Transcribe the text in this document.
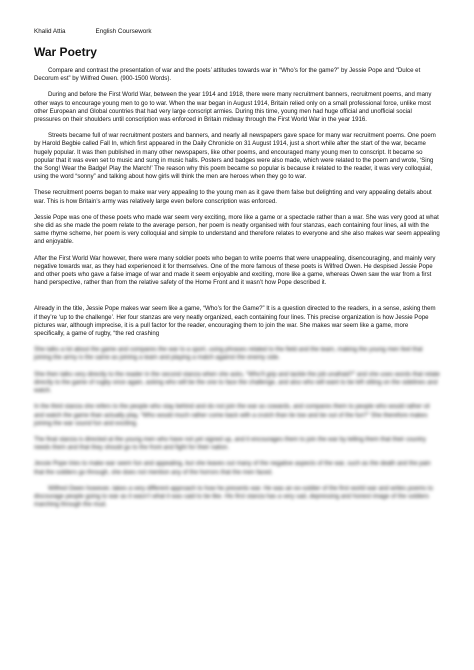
Khalid Attia	English Coursework
War Poetry

Compare and contrast the presentation of war and the poets’ attitudes towards war in “Who’s for the game?” by Jessie Pope and “Dulce et Decorum est” by Wilfred Owen. (900-1500 Words).

During and before the First World War, between the year 1914 and 1918, there were many recruitment banners, recruitment poems, and many other ways to encourage young men to go to war. When the war began in August 1914, Britain relied only on a small professional force, unlike most other European and Global countries that had very large conscript armies. During this time, young men had huge official and unofficial social pressures on their shoulders until conscription was enforced in Britain midway through the First World War in the year 1916.

Streets became full of war recruitment posters and banners, and nearly all newspapers gave space for many war recruitment poems. One poem by Harold Begbie called Fall In, which first appeared in the Daily Chronicle on 31 August 1914, just a short while after the start of the war, became hugely popular. It was then published in many other newspapers, like other poems, and encouraged many young men to conscript. It became so popular that it was even set to music and sung in music halls. Posters and badges were also made, which were related to the poem and wrote, ‘Sing the Song! Wear the Badge! Play the March!’ The reason why this poem became so popular is because it related to the reader, it was very colloquial, using the word “sonny” and talking about how girls will think the men are heroes when they go to war.

These recruitment poems began to make war very appealing to the young men as it gave them false but delighting and very appealing details about war. This is how Britain’s army was relatively large even before conscription was enforced.

Jessie Pope was one of these poets who made war seem very exciting, more like a game or a spectacle rather than a war. She was very good at what she did as she made the poem relate to the average person, her poem is neatly organised with four stanzas, each containing four lines, all with the same rhyme scheme, her poem is very colloquial and simple to understand and therefore relates to everyone and she also makes war seem appealing and enjoyable.

After the First World War however, there were many soldier poets who began to write poems that were unappealing, disencouraging, and mainly very negative towards war, as they had experienced it for themselves. One of the more famous of these poets is Wilfred Owen. He despised Jessie Pope and other poets who gave a false image of war and made it seem enjoyable and exciting, more like a game, whereas Owen saw the war from a first hand perspective, rather than from the relative safety of the Home Front and it wasn’t how Pope described it.

Already in the title, Jessie Pope makes war seem like a game, “Who’s for the Game?” It is a question directed to the readers, in a sense, asking them if they’re ‘up to the challenge’. Her four stanzas are very neatly organized, each containing four lines. This precise organization is how Jessie Pope pictures war, although imprecise, it is a pull factor for the reader, encouraging them to join the war. She makes war seem like a game, more specifically, a game of rugby, “the red crashing

She talks a lot about the game and compares the war to a sport, using phrases related to the field and the team, making the young men feel that joining the army is the same as joining a team and playing a match against the enemy side.

She then talks very directly to the reader in the second stanza when she asks, “Who’ll grip and tackle the job unafraid?” and she uses words that relate directly to the game of rugby once again, asking who will be the one to face the challenge, and also who will want to be left sitting on the sidelines and watch.

In the third stanza she refers to the people who stay behind and do not join the war as cowards, and compares them to people who would rather sit and watch the game than actually play, “Who would much rather come back with a crutch than lie low and be out of the fun?” She therefore makes joining the war sound fun and exciting.

The final stanza is directed at the young men who have not yet signed up, and it encourages them to join the war by telling them that their country needs them and that they should go to the front and fight for their nation.

Jessie Pope tries to make war seem fun and appealing, but she leaves out many of the negative aspects of the war, such as the death and the pain that the soldiers go through, she does not mention any of the horrors that the men faced.

Wilfred Owen however, takes a very different approach to how he presents war. He was an ex-soldier of the first world war and writes poems to discourage people going to war as it wasn’t what it was said to be like. His first stanza has a very sad, depressing and honest image of the soldiers marching through the mud.
